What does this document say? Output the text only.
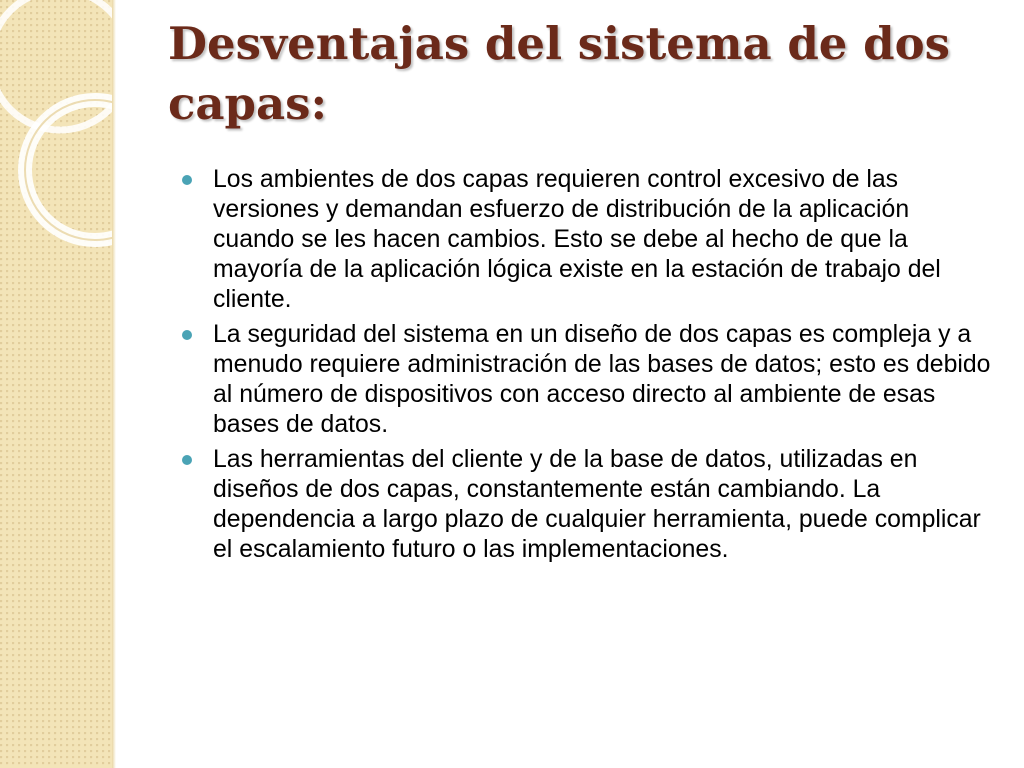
Desventajas del sistema de dos capas:
Los ambientes de dos capas requieren control excesivo de las versiones y demandan esfuerzo de distribución de la aplicación cuando se les hacen cambios. Esto se debe al hecho de que la mayoría de la aplicación lógica existe en la estación de trabajo del cliente.
La seguridad del sistema en un diseño de dos capas es compleja y a menudo requiere administración de las bases de datos; esto es debido al número de dispositivos con acceso directo al ambiente de esas bases de datos.
Las herramientas del cliente y de la base de datos, utilizadas en diseños de dos capas, constantemente están cambiando. La dependencia a largo plazo de cualquier herramienta, puede complicar el escalamiento futuro o las implementaciones.
